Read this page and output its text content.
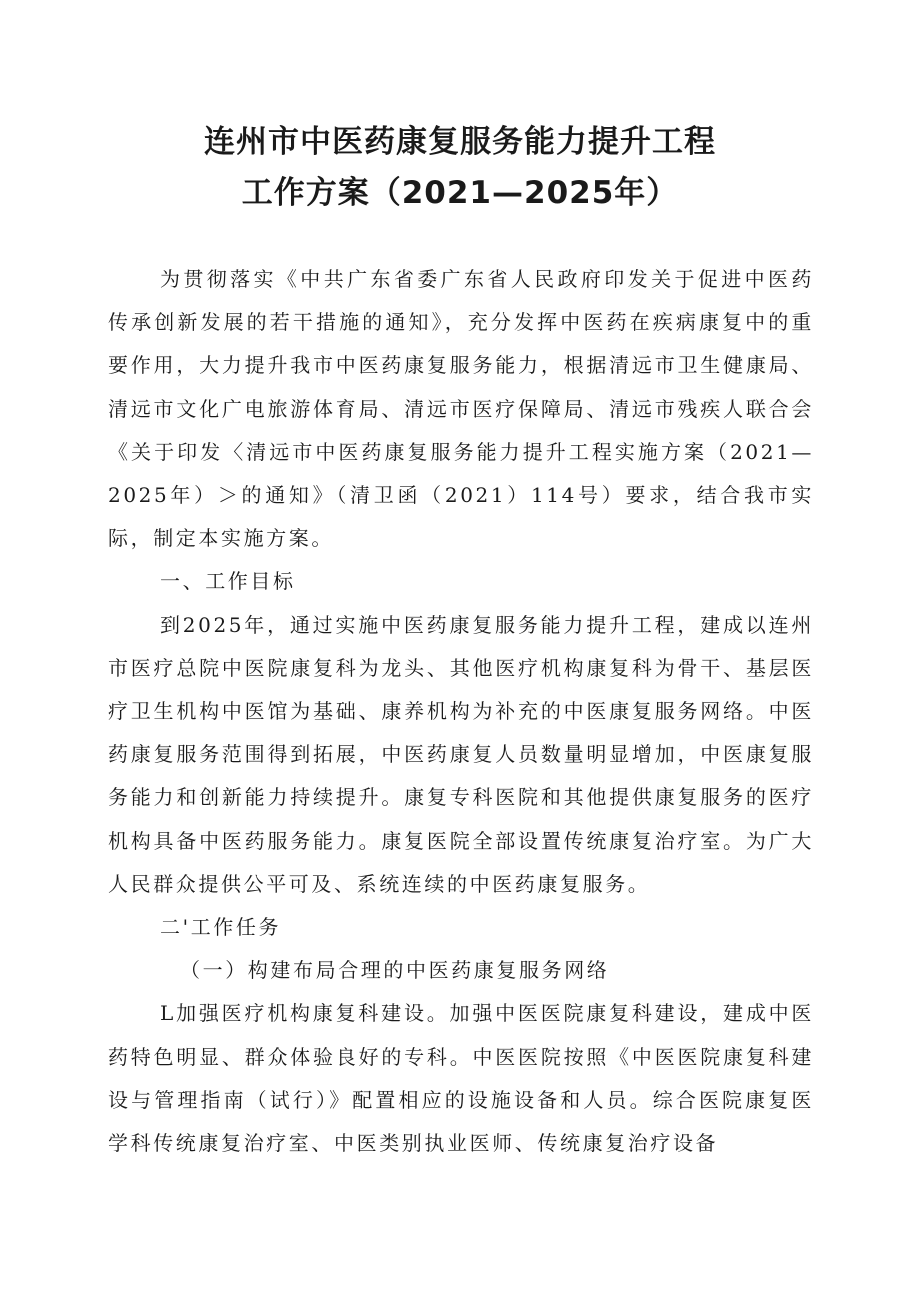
连州市中医药康复服务能力提升工程
工作方案（2021—2025年）

为贯彻落实《中共广东省委广东省人民政府印发关于促进中医药传承创新发展的若干措施的通知》，充分发挥中医药在疾病康复中的重要作用，大力提升我市中医药康复服务能力，根据清远市卫生健康局、清远市文化广电旅游体育局、清远市医疗保障局、清远市残疾人联合会《关于印发〈清远市中医药康复服务能力提升工程实施方案（2021—2025年）＞的通知》（清卫函（2021）114号）要求，结合我市实际，制定本实施方案。

一、工作目标

到2025年，通过实施中医药康复服务能力提升工程，建成以连州市医疗总院中医院康复科为龙头、其他医疗机构康复科为骨干、基层医疗卫生机构中医馆为基础、康养机构为补充的中医康复服务网络。中医药康复服务范围得到拓展，中医药康复人员数量明显增加，中医康复服务能力和创新能力持续提升。康复专科医院和其他提供康复服务的医疗机构具备中医药服务能力。康复医院全部设置传统康复治疗室。为广大人民群众提供公平可及、系统连续的中医药康复服务。

二'工作任务

（一）构建布局合理的中医药康复服务网络

L加强医疗机构康复科建设。加强中医医院康复科建设，建成中医药特色明显、群众体验良好的专科。中医医院按照《中医医院康复科建设与管理指南（试行）》配置相应的设施设备和人员。综合医院康复医学科传统康复治疗室、中医类别执业医师、传统康复治疗设备
